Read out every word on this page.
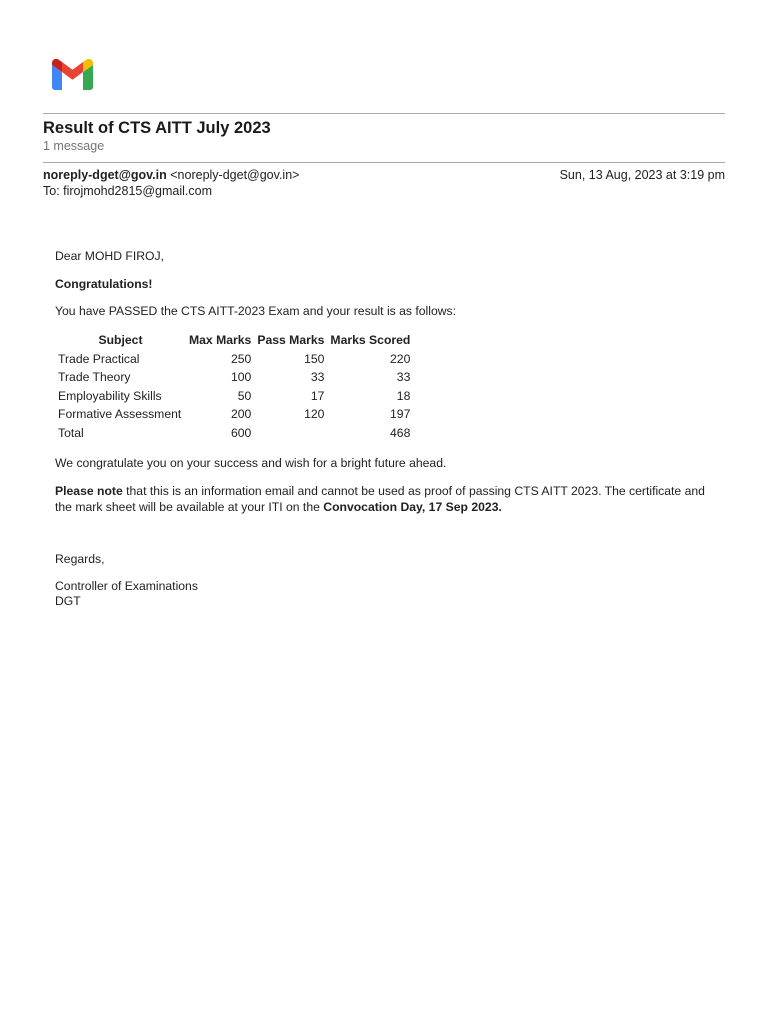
Result of CTS AITT July 2023
1 message
noreply-dget@gov.in <noreply-dget@gov.in>	Sun, 13 Aug, 2023 at 3:19 pm
To: firojmohd2815@gmail.com
Dear MOHD FIROJ,
Congratulations!
You have PASSED the CTS AITT-2023 Exam and your result is as follows:
Subject	Max Marks	Pass Marks	Marks Scored
Trade Practical	250	150	220
Trade Theory	100	33	33
Employability Skills	50	17	18
Formative Assessment	200	120	197
Total	600		468
We congratulate you on your success and wish for a bright future ahead.
Please note that this is an information email and cannot be used as proof of passing CTS AITT 2023. The certificate and the mark sheet will be available at your ITI on the Convocation Day, 17 Sep 2023.
Regards,
Controller of Examinations
DGT
